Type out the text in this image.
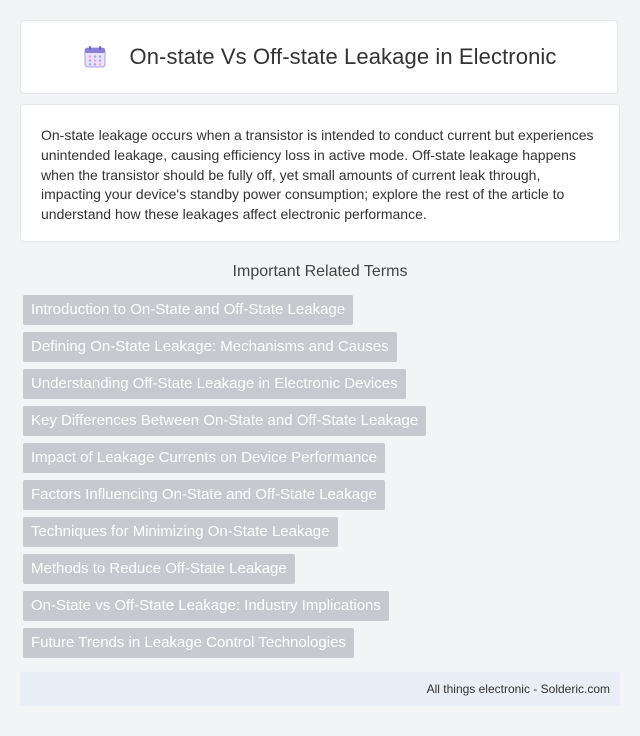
On-state Vs Off-state Leakage in Electronic

On-state leakage occurs when a transistor is intended to conduct current but experiences unintended leakage, causing efficiency loss in active mode. Off-state leakage happens when the transistor should be fully off, yet small amounts of current leak through, impacting your device's standby power consumption; explore the rest of the article to understand how these leakages affect electronic performance.

Important Related Terms
Introduction to On-State and Off-State Leakage
Defining On-State Leakage: Mechanisms and Causes
Understanding Off-State Leakage in Electronic Devices
Key Differences Between On-State and Off-State Leakage
Impact of Leakage Currents on Device Performance
Factors Influencing On-State and Off-State Leakage
Techniques for Minimizing On-State Leakage
Methods to Reduce Off-State Leakage
On-State vs Off-State Leakage: Industry Implications
Future Trends in Leakage Control Technologies
All things electronic - Solderic.com
